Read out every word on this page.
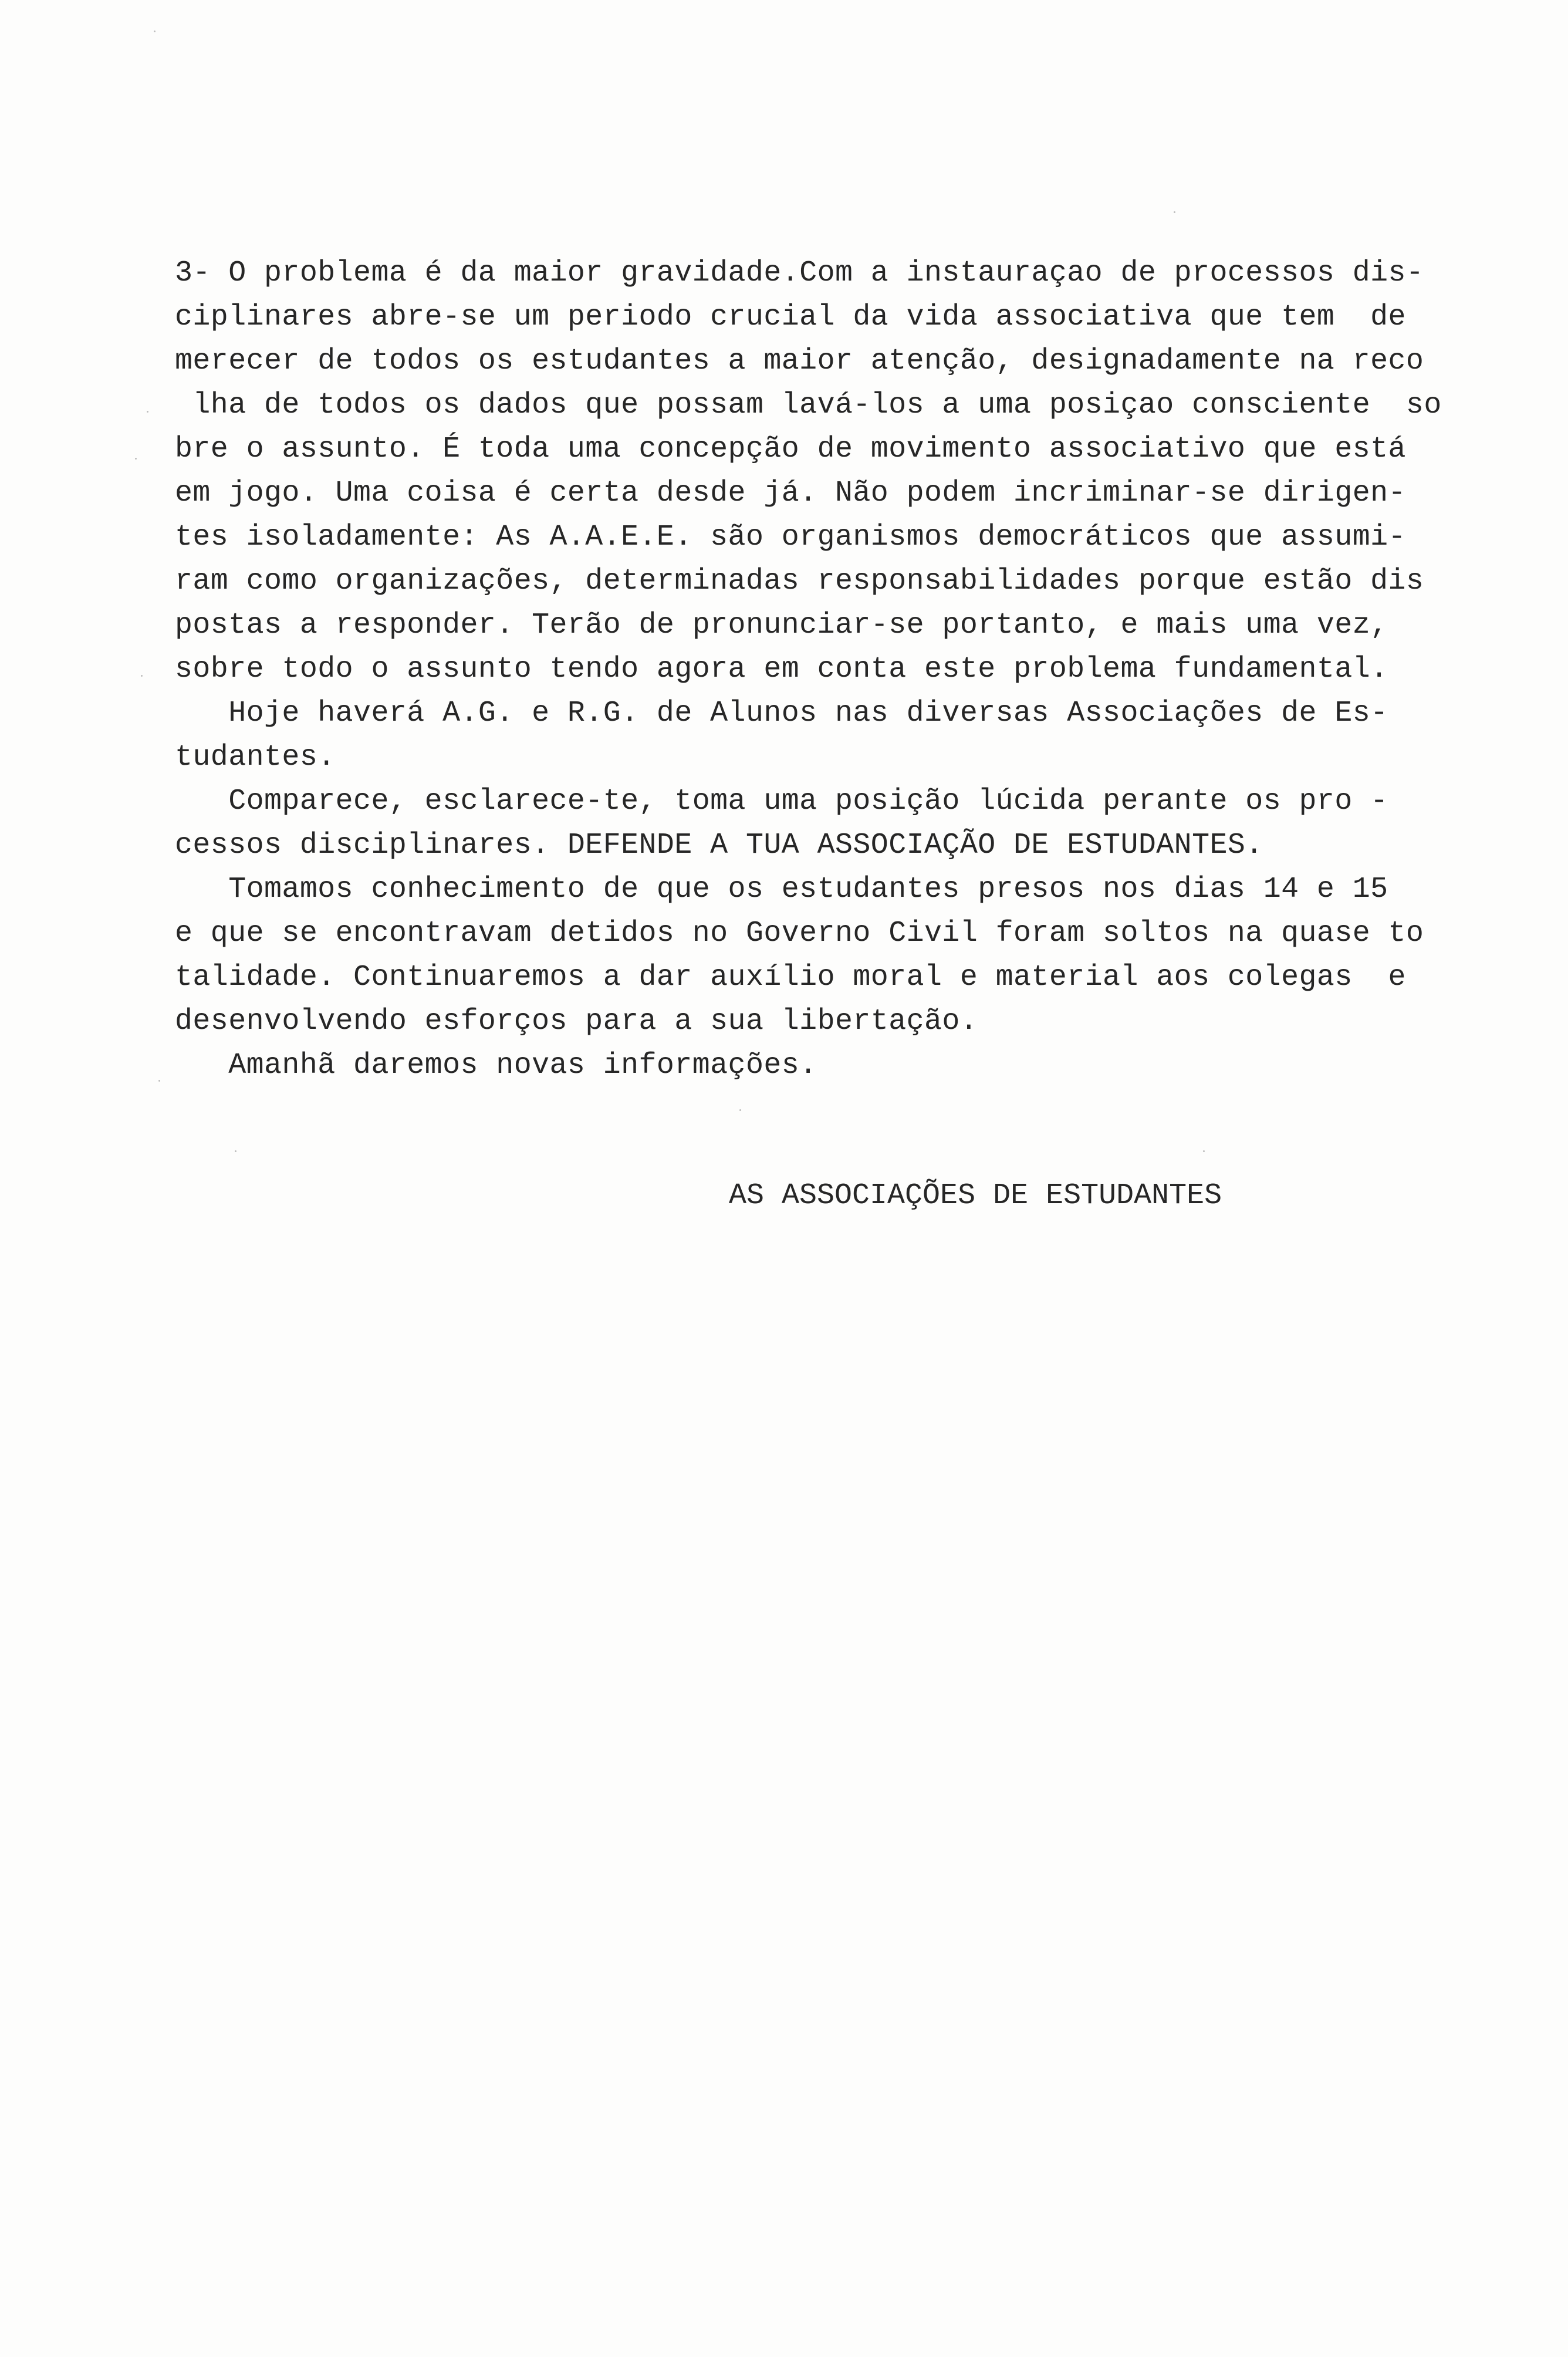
3- O problema é da maior gravidade.Com a instauraçao de processos dis-
ciplinares abre-se um periodo crucial da vida associativa que tem  de
merecer de todos os estudantes a maior atenção, designadamente na reco
lha de todos os dados que possam lavá-los a uma posiçao consciente  so
bre o assunto. É toda uma concepção de movimento associativo que está
em jogo. Uma coisa é certa desde já. Não podem incriminar-se dirigen-
tes isoladamente: As A.A.E.E. são organismos democráticos que assumi-
ram como organizações, determinadas responsabilidades porque estão dis
postas a responder. Terão de pronunciar-se portanto, e mais uma vez,
sobre todo o assunto tendo agora em conta este problema fundamental.
Hoje haverá A.G. e R.G. de Alunos nas diversas Associações de Es-
tudantes.
Comparece, esclarece-te, toma uma posição lúcida perante os pro -
cessos disciplinares. DEFENDE A TUA ASSOCIAÇÃO DE ESTUDANTES.
Tomamos conhecimento de que os estudantes presos nos dias 14 e 15
e que se encontravam detidos no Governo Civil foram soltos na quase to
talidade. Continuaremos a dar auxílio moral e material aos colegas  e
desenvolvendo esforços para a sua libertação.
Amanhã daremos novas informações.
AS ASSOCIAÇÕES DE ESTUDANTES
